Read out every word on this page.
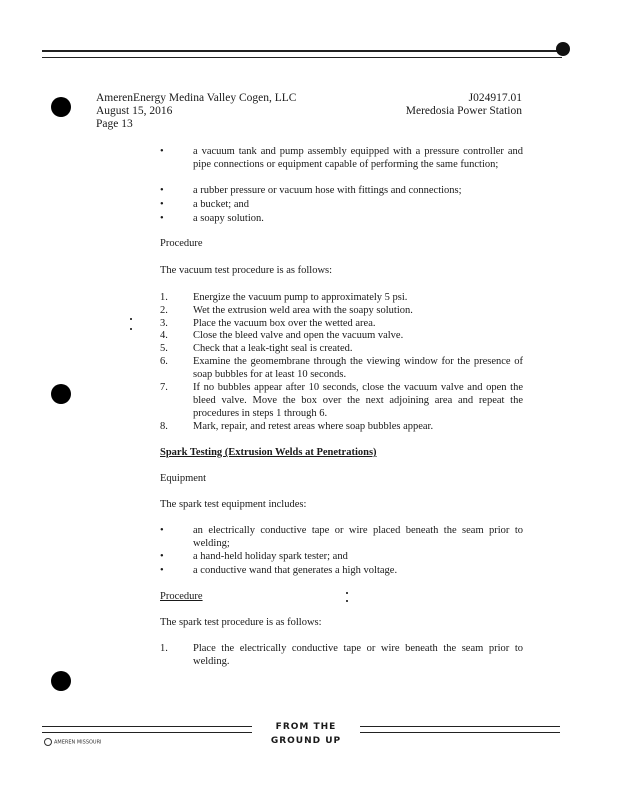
AmerenEnergy Medina Valley Cogen, LLC
August 15, 2016
Page 13
J024917.01
Meredosia Power Station
•	a vacuum tank and pump assembly equipped with a pressure controller and pipe connections or equipment capable of performing the same function;
•	a rubber pressure or vacuum hose with fittings and connections;
•	a bucket; and
•	a soapy solution.
Procedure
The vacuum test procedure is as follows:
1. Energize the vacuum pump to approximately 5 psi.
2. Wet the extrusion weld area with the soapy solution.
3. Place the vacuum box over the wetted area.
4. Close the bleed valve and open the vacuum valve.
5. Check that a leak-tight seal is created.
6. Examine the geomembrane through the viewing window for the presence of soap bubbles for at least 10 seconds.
7. If no bubbles appear after 10 seconds, close the vacuum valve and open the bleed valve. Move the box over the next adjoining area and repeat the procedures in steps 1 through 6.
8. Mark, repair, and retest areas where soap bubbles appear.
Spark Testing (Extrusion Welds at Penetrations)
Equipment
The spark test equipment includes:
•	an electrically conductive tape or wire placed beneath the seam prior to welding;
•	a hand-held holiday spark tester; and
•	a conductive wand that generates a high voltage.
Procedure
The spark test procedure is as follows:
1. Place the electrically conductive tape or wire beneath the seam prior to welding.
FROM THE GROUND UP
AMEREN MISSOURI
